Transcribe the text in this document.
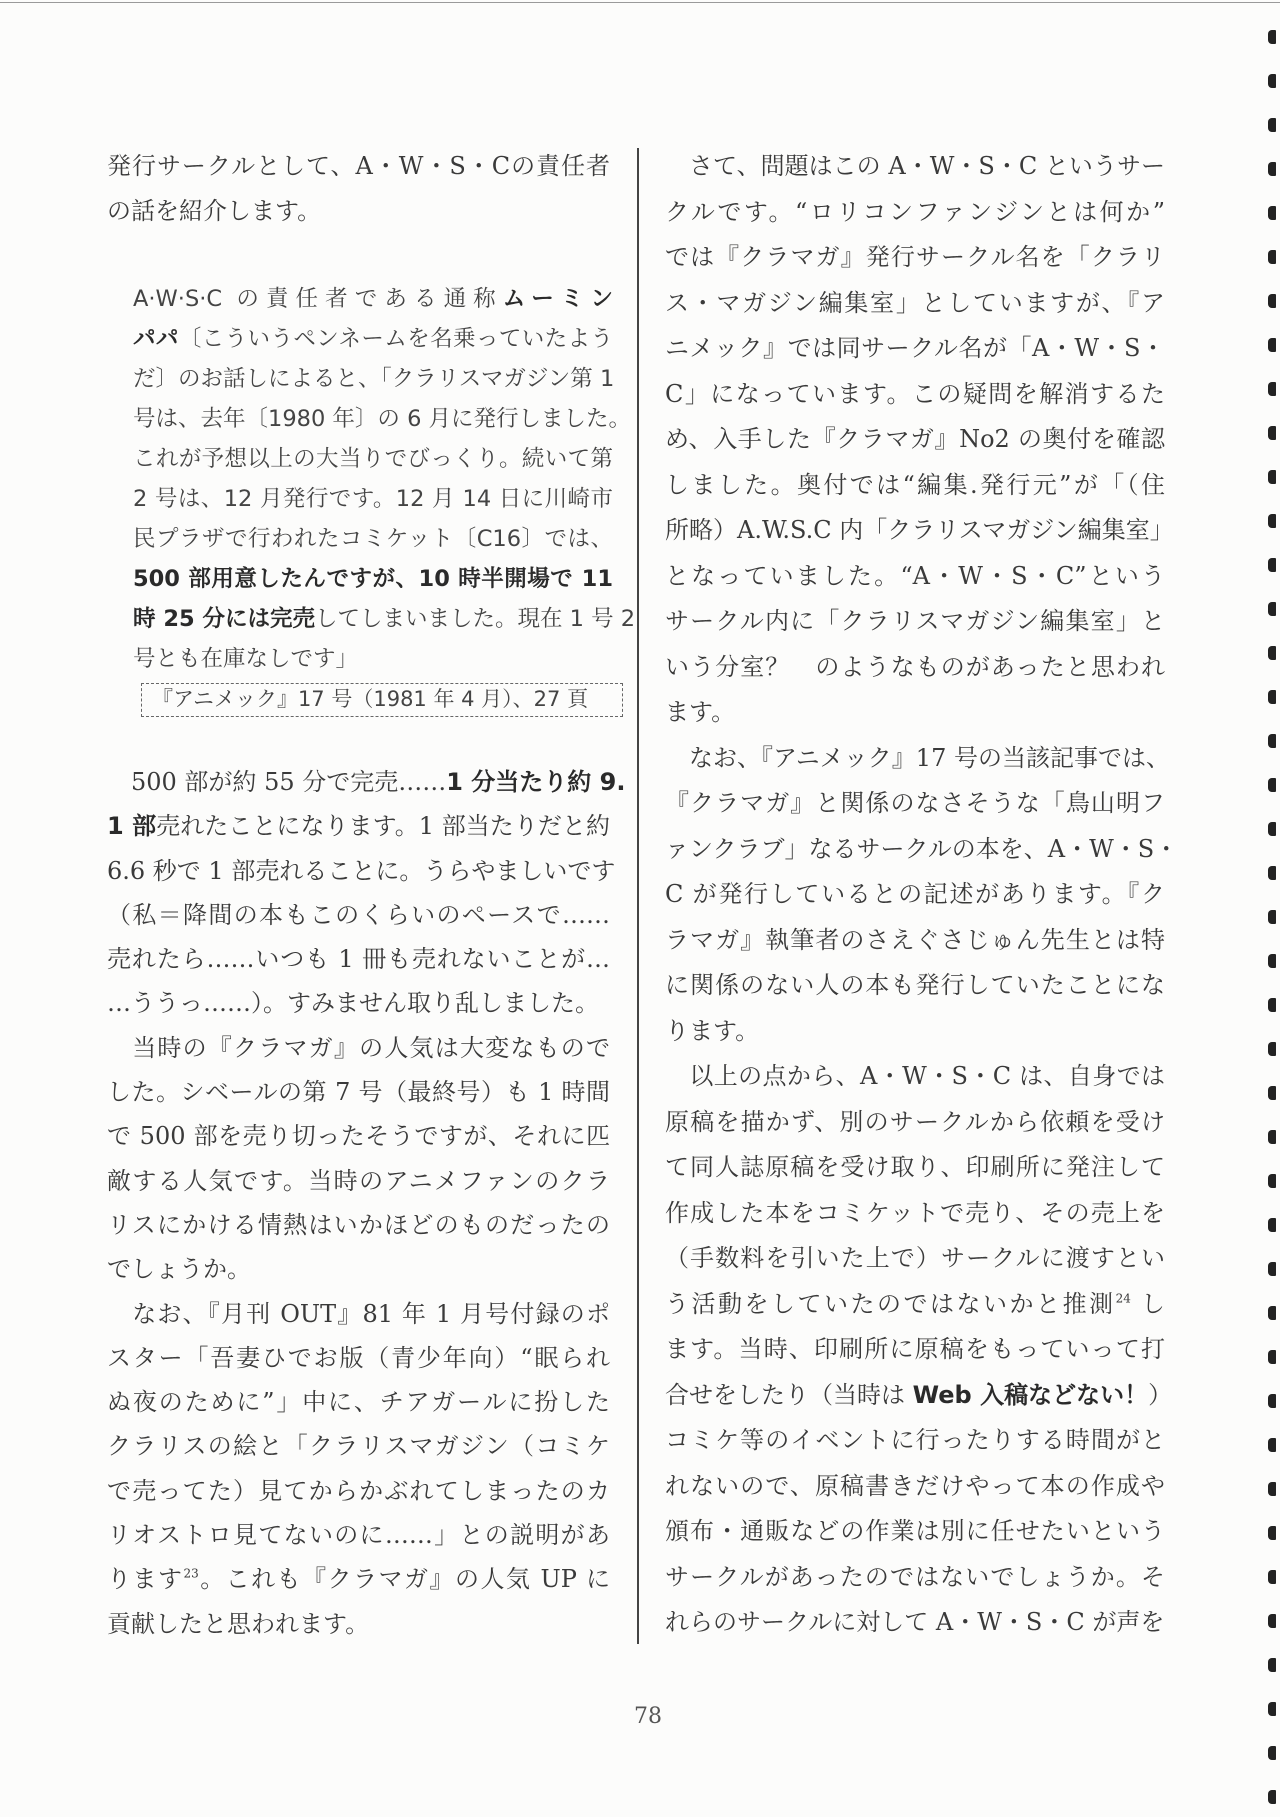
発行サークルとして、A・W・S・Cの責任者
の話を紹介します。
A·W·S·C の責任者である通称ムーミン
パパ〔こういうペンネームを名乗っていたよう
だ〕のお話しによると、「クラリスマガジン第 1
号は、去年〔1980 年〕の 6 月に発行しました。
これが予想以上の大当りでびっくり。続いて第
2 号は、12 月発行です。12 月 14 日に川崎市
民プラザで行われたコミケット〔C16〕では、
500 部用意したんですが、10 時半開場で 11
時 25 分には完売してしまいました。現在 1 号 2
号とも在庫なしです」
『アニメック』17 号（1981 年 4 月）、27 頁
　500 部が約 55 分で完売……1 分当たり約 9.
1 部売れたことになります。1 部当たりだと約
6.6 秒で 1 部売れることに。うらやましいです
（私＝降間の本もこのくらいのペースで……
売れたら……いつも 1 冊も売れないことが…
…ううっ……）。すみません取り乱しました。
　当時の『クラマガ』の人気は大変なもので
した。シベールの第 7 号（最終号）も 1 時間
で 500 部を売り切ったそうですが、それに匹
敵する人気です。当時のアニメファンのクラ
リスにかける情熱はいかほどのものだったの
でしょうか。
　なお、『月刊 OUT』81 年 1 月号付録のポ
スター「吾妻ひでお版（青少年向）“眠られ
ぬ夜のために”」中に、チアガールに扮した
クラリスの絵と「クラリスマガジン（コミケ
で売ってた）見てからかぶれてしまったのカ
リオストロ見てないのに……」との説明があ
ります$^{23}$。これも『クラマガ』の人気 UP に
貢献したと思われます。
　さて、問題はこの A・W・S・C というサー
クルです。“ロリコンファンジンとは何か”
では『クラマガ』発行サークル名を「クラリ
ス・マガジン編集室」としていますが、『ア
ニメック』では同サークル名が「A・W・S・
C」になっています。この疑問を解消するた
め、入手した『クラマガ』No2 の奥付を確認
しました。奥付では“編集.発行元”が「（住
所略）A.W.S.C 内「クラリスマガジン編集室」
となっていました。“A・W・S・C”という
サークル内に「クラリスマガジン編集室」と
いう分室？　のようなものがあったと思われ
ます。
　なお、『アニメック』17 号の当該記事では、
『クラマガ』と関係のなさそうな「鳥山明フ
ァンクラブ」なるサークルの本を、A・W・S・
C が発行しているとの記述があります。『ク
ラマガ』執筆者のさえぐさじゅん先生とは特
に関係のない人の本も発行していたことにな
ります。
　以上の点から、A・W・S・C は、自身では
原稿を描かず、別のサークルから依頼を受け
て同人誌原稿を受け取り、印刷所に発注して
作成した本をコミケットで売り、その売上を
（手数料を引いた上で）サークルに渡すとい
う活動をしていたのではないかと推測$^{24}$ し
ます。当時、印刷所に原稿をもっていって打
合せをしたり（当時は Web 入稿などない！）
コミケ等のイベントに行ったりする時間がと
れないので、原稿書きだけやって本の作成や
頒布・通販などの作業は別に任せたいという
サークルがあったのではないでしょうか。そ
れらのサークルに対して A・W・S・C が声を
78
